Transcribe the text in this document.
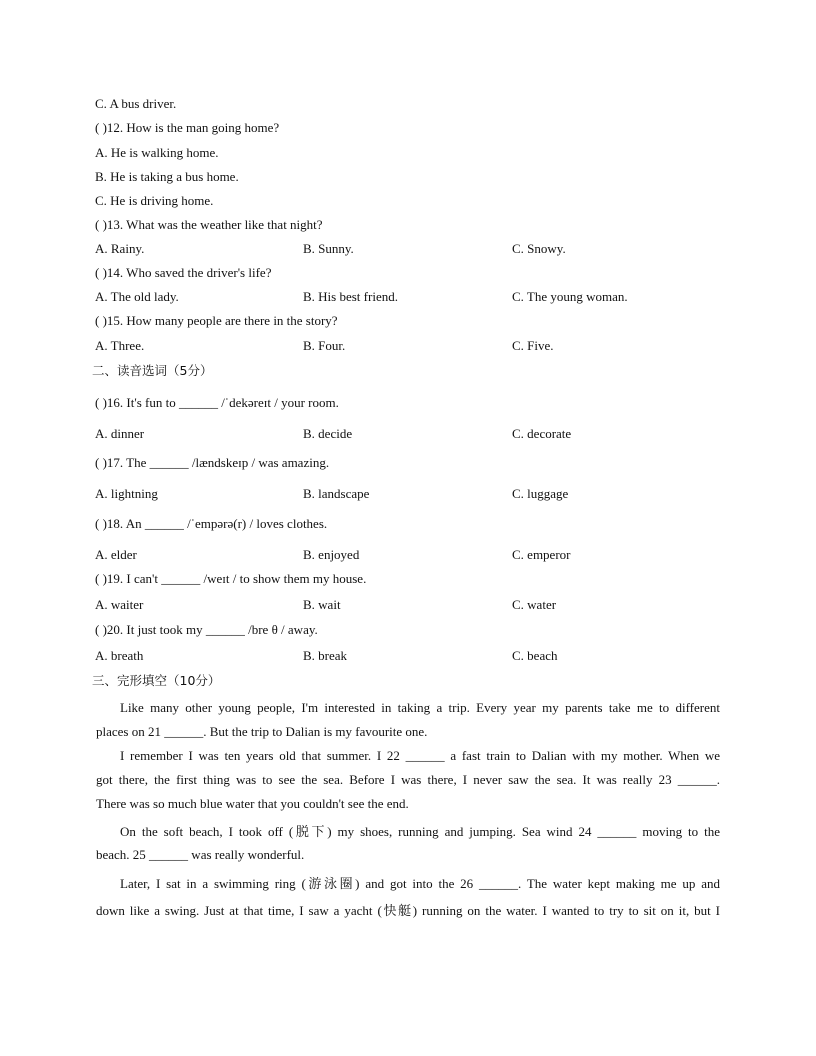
C. A bus driver.
( )12. How is the man going home?
A. He is walking home.
B. He is taking a bus home.
C. He is driving home.
( )13. What was the weather like that night?
A. Rainy.	B. Sunny.	C. Snowy.
( )14. Who saved the driver's life?
A. The old lady.	B. His best friend.	C. The young woman.
( )15. How many people are there in the story?
A. Three.	B. Four.	C. Five.
二、读音选词（5分）
( )16. It's fun to ______ /ˈdekəreɪt / your room.
A. dinner	B. decide	C. decorate
( )17. The ______ /lændskeɪp / was amazing.
A. lightning	B. landscape	C. luggage
( )18. An ______ /ˈempərə(r) / loves clothes.
A. elder	B. enjoyed	C. emperor
( )19. I can't ______ /weɪt / to show them my house.
A. waiter	B. wait	C. water
( )20. It just took my ______ /bre θ / away.
A. breath	B. break	C. beach
三、完形填空（10分）
Like many other young people, I'm interested in taking a trip. Every year my parents take me to different
places on 21 ______. But the trip to Dalian is my favourite one.
I remember I was ten years old that summer. I 22 ______ a fast train to Dalian with my mother. When we
got there, the first thing was to see the sea. Before I was there, I never saw the sea. It was really 23 ______.
There was so much blue water that you couldn't see the end.
On the soft beach, I took off (脱下) my shoes, running and jumping. Sea wind 24 ______ moving to the
beach. 25 ______ was really wonderful.
Later, I sat in a swimming ring (游泳圈) and got into the 26 ______. The water kept making me up and
down like a swing. Just at that time, I saw a yacht (快艇) running on the water. I wanted to try to sit on it, but I
